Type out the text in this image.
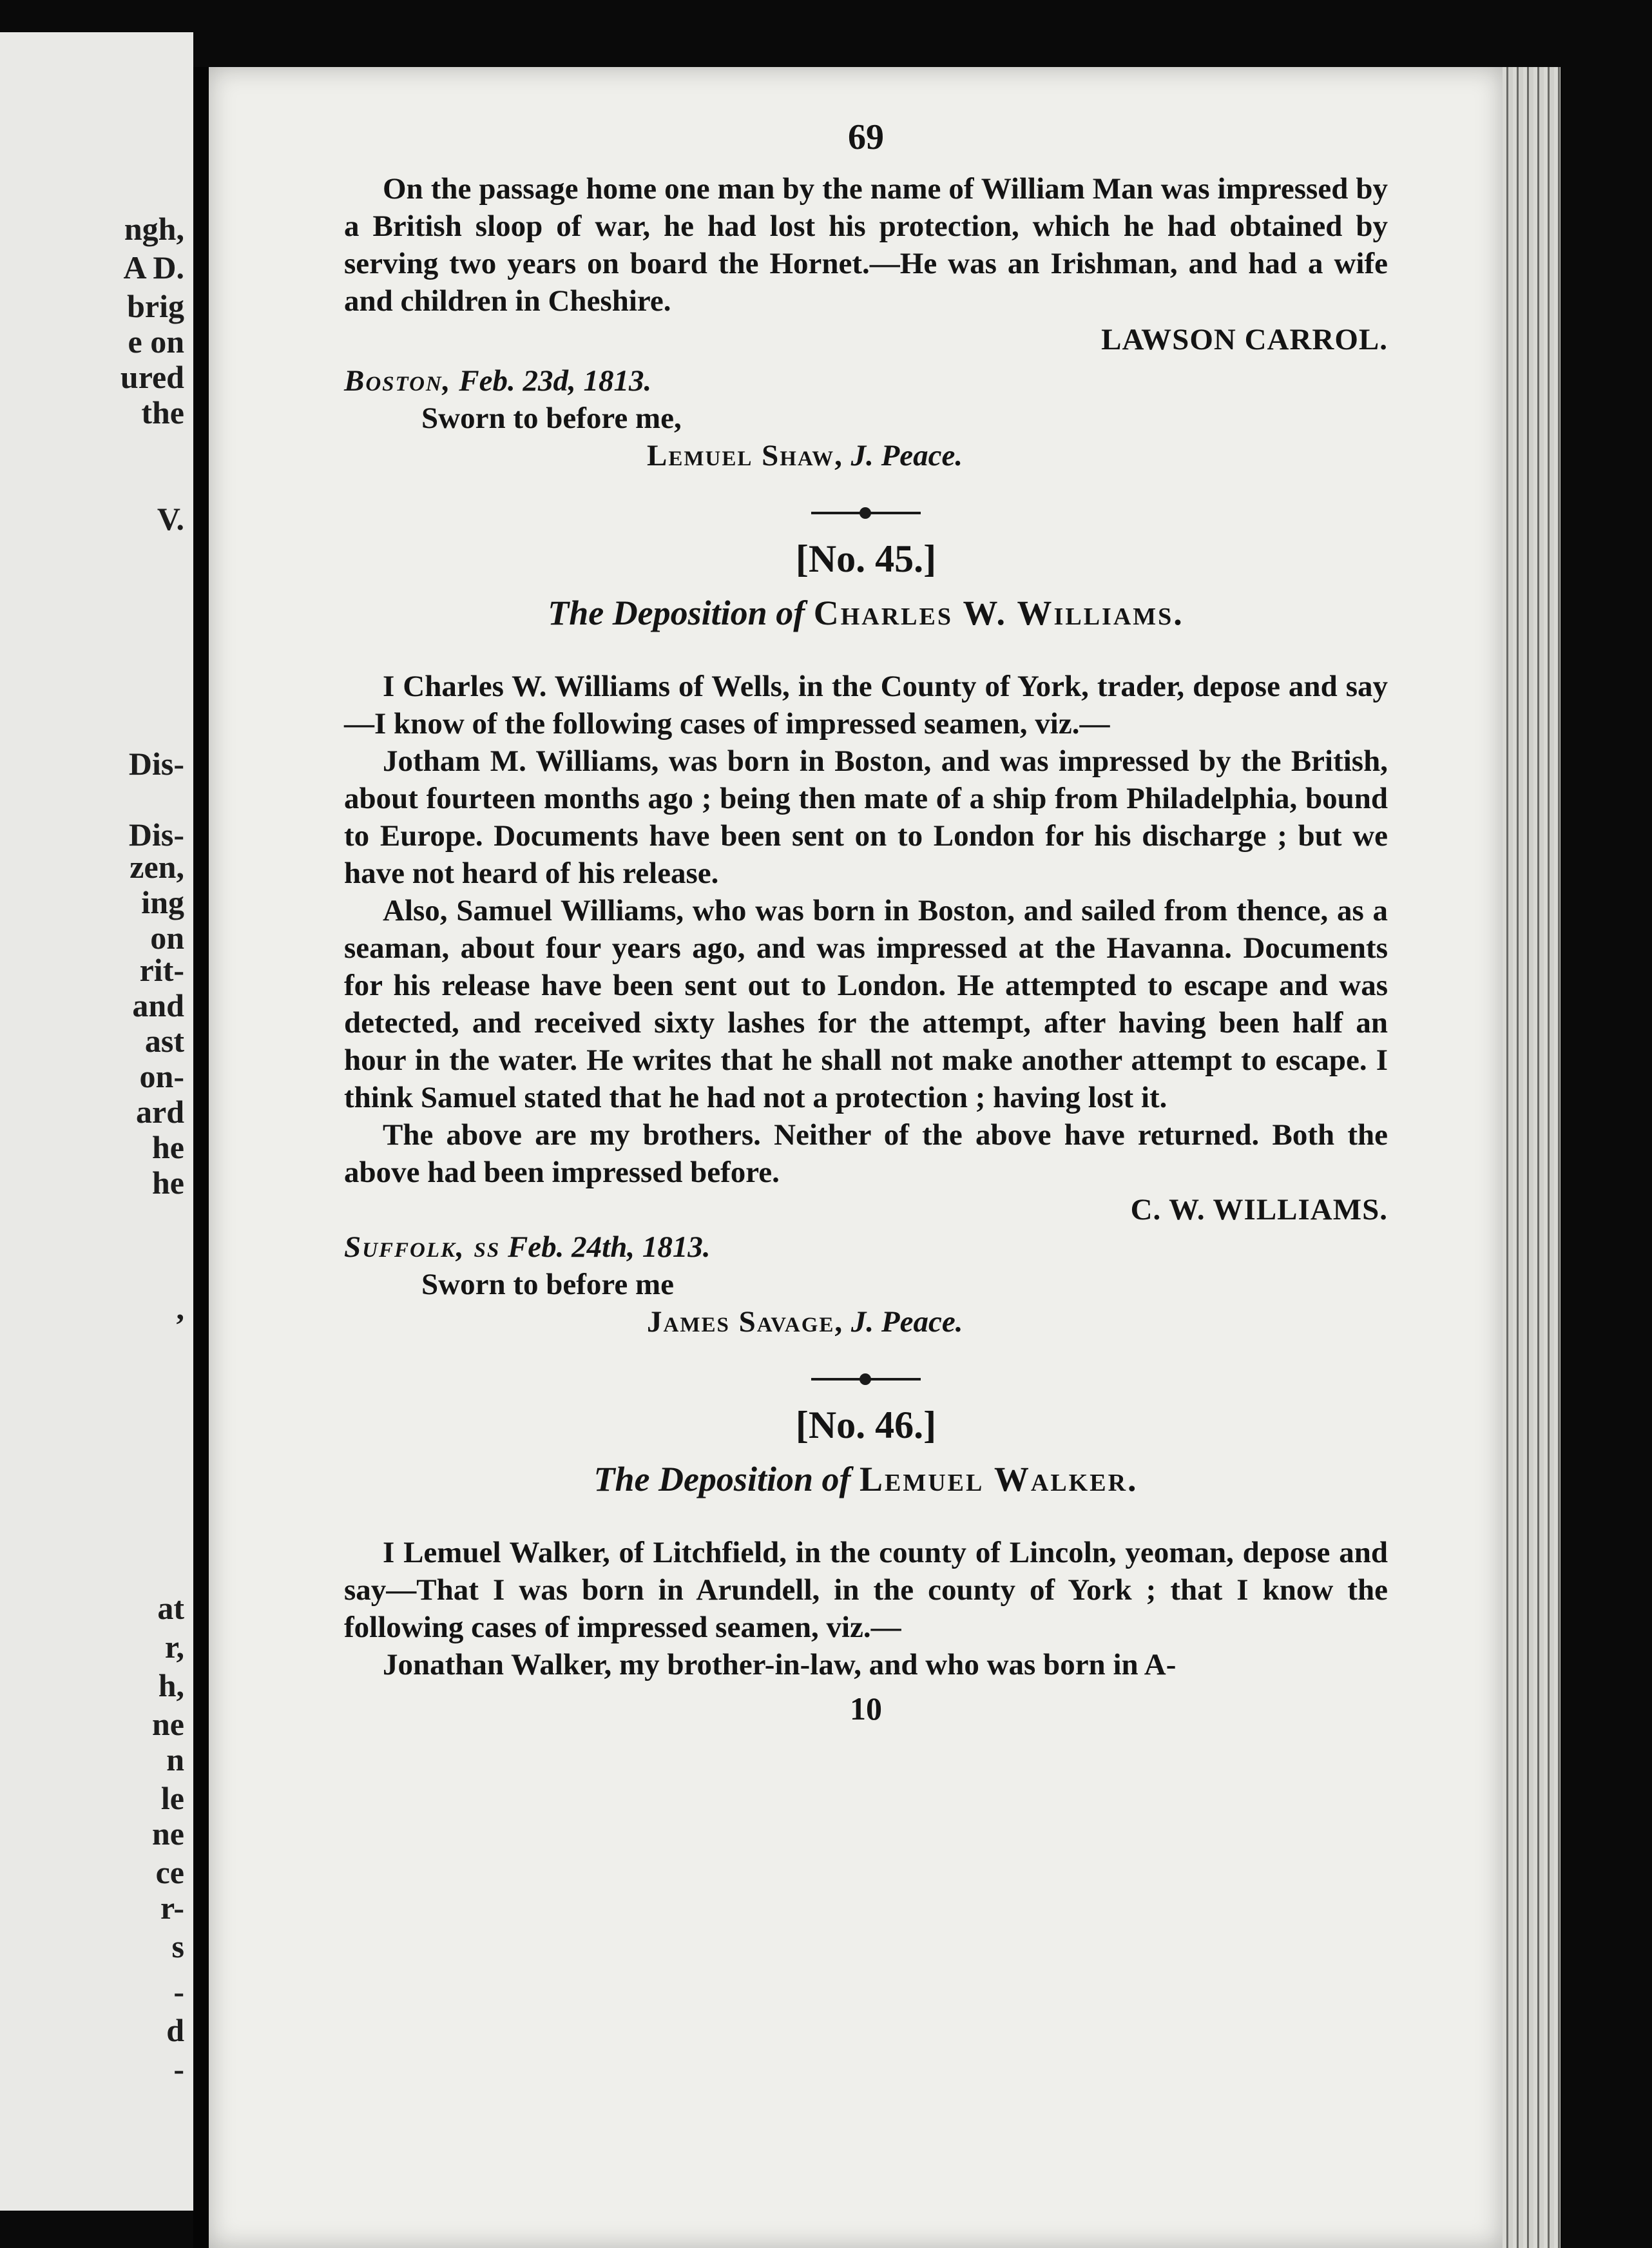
ngh,
A D.
brig
e on
ured
the
V.
Dis-
Dis-
zen,
ing
on
rit-
and
ast
on-
ard
he
he
,
at
r,
h,
ne
n
le
ne
ce
r-
s
-
d
-
69

On the passage home one man by the name of William Man was impressed by a British sloop of war, he had lost his protection, which he had obtained by serving two years on board the Hornet.—He was an Irishman, and had a wife and children in Cheshire.

LAWSON CARROL.

Boston, Feb. 23d, 1813.

Sworn to before me,

Lemuel Shaw, J. Peace.

[No. 45.]
The Deposition of Charles W. Williams.

I Charles W. Williams of Wells, in the County of York, trader, depose and say—I know of the following cases of impressed seamen, viz.—

Jotham M. Williams, was born in Boston, and was impressed by the British, about fourteen months ago ; being then mate of a ship from Philadelphia, bound to Europe. Documents have been sent on to London for his discharge ; but we have not heard of his release.

Also, Samuel Williams, who was born in Boston, and sailed from thence, as a seaman, about four years ago, and was impressed at the Havanna. Documents for his release have been sent out to London. He attempted to escape and was detected, and received sixty lashes for the attempt, after having been half an hour in the water. He writes that he shall not make another attempt to escape. I think Samuel stated that he had not a protection ; having lost it.

The above are my brothers. Neither of the above have returned. Both the above had been impressed before.

C. W. WILLIAMS.

Suffolk, ss Feb. 24th, 1813.

Sworn to before me

James Savage, J. Peace.

[No. 46.]
The Deposition of Lemuel Walker.

I Lemuel Walker, of Litchfield, in the county of Lincoln, yeoman, depose and say—That I was born in Arundell, in the county of York ; that I know the following cases of impressed seamen, viz.—

Jonathan Walker, my brother-in-law, and who was born in A-

10
